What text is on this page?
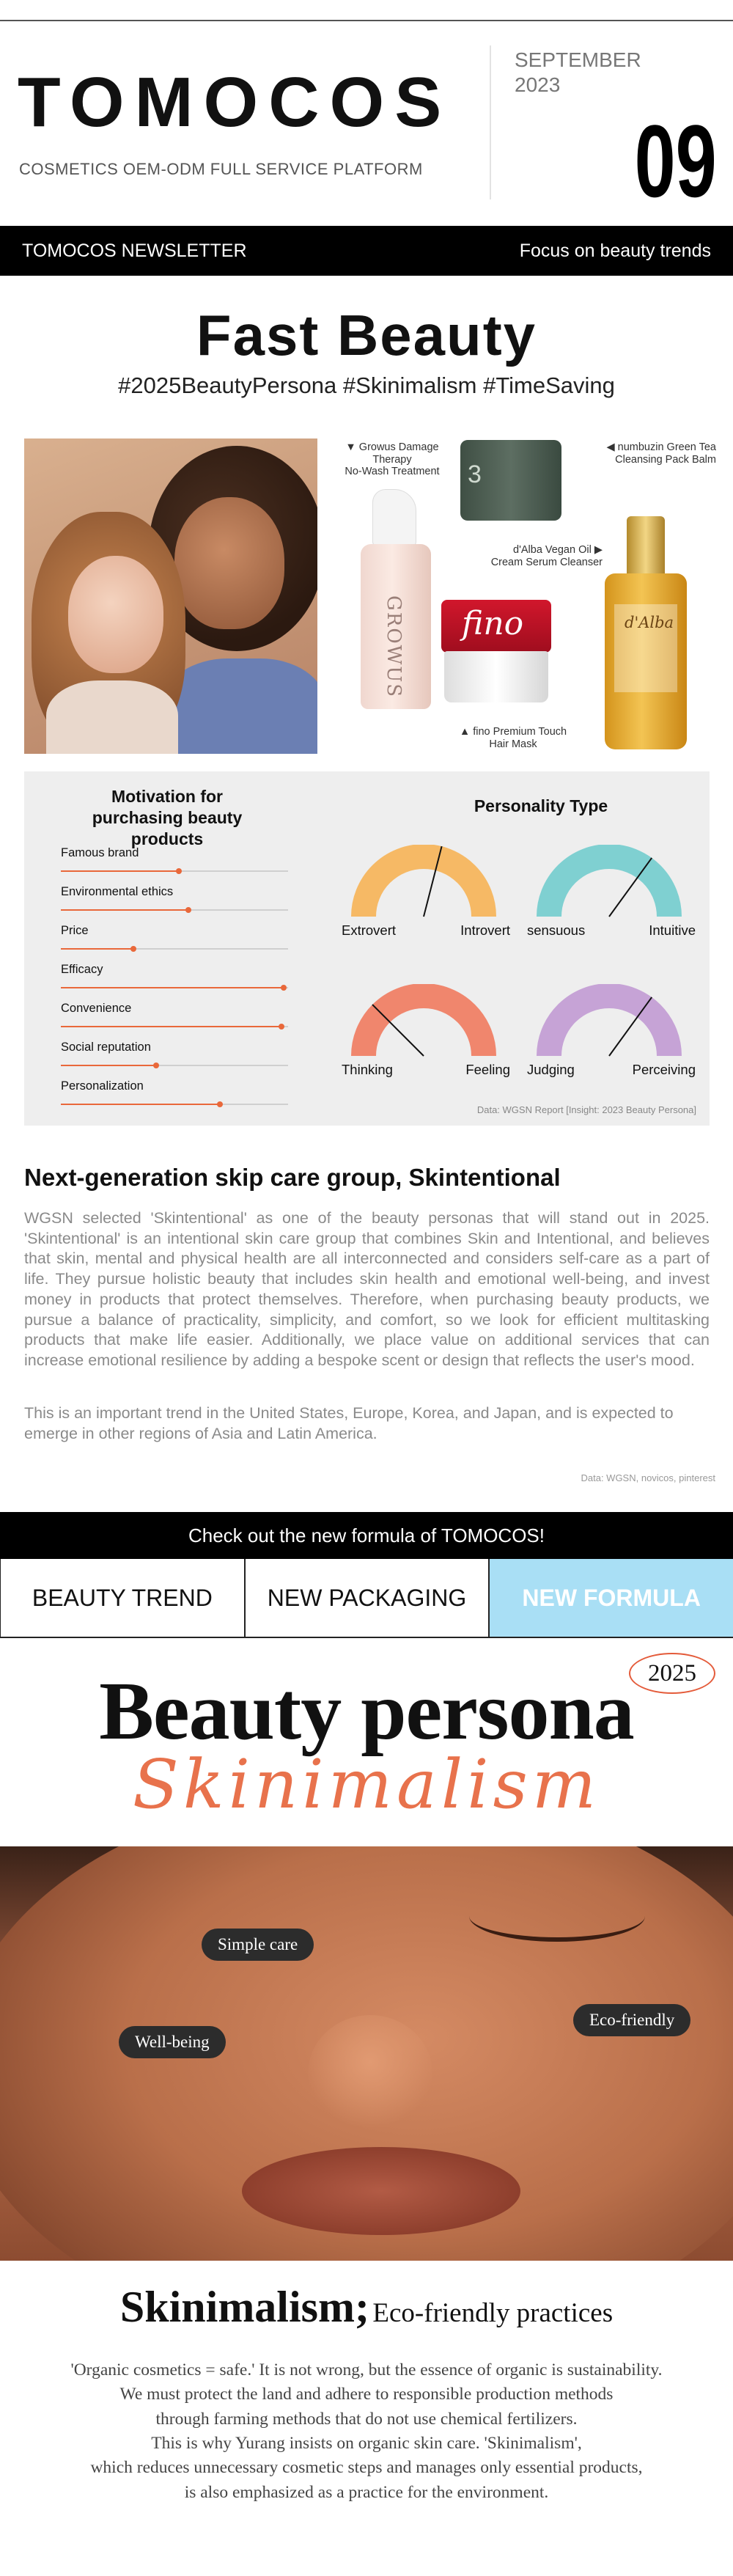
TOMOCOS
COSMETICS OEM-ODM FULL SERVICE PLATFORM
SEPTEMBER
2023
09
TOMOCOS NEWSLETTER	Focus on beauty trends
Fast Beauty
#2025BeautyPersona #Skinimalism #TimeSaving
▼ Growus Damage Therapy
No-Wash Treatment
GROWUS
3
◀ numbuzin Green Tea
Cleansing Pack Balm
d'Alba Vegan Oil ▶
Cream Serum Cleanser
fino
▲ fino Premium Touch
Hair Mask
d'Alba
Motivation for
purchasing beauty products
Famous brand
Environmental ethics
Price
Efficacy
Convenience
Social reputation
Personalization
Personality Type
Extrovert	Introvert sensuous	Intuitive
Thinking	Feeling Judging	Perceiving
Data: WGSN Report [Insight: 2023 Beauty Persona]
Next-generation skip care group, Skintentional
WGSN selected 'Skintentional' as one of the beauty personas that will stand out in 2025. 'Skintentional' is an intentional skin care group that combines Skin and Intentional, and believes that skin, mental and physical health are all interconnected and considers self-care as a part of life. They pursue holistic beauty that includes skin health and emotional well-being, and invest money in products that protect themselves. Therefore, when purchasing beauty products, we pursue a balance of practicality, simplicity, and comfort, so we look for efficient multitasking products that make life easier. Additionally, we place value on additional services that can increase emotional resilience by adding a bespoke scent or design that reflects the user's mood.
This is an important trend in the United States, Europe, Korea, and Japan, and is expected to emerge in other regions of Asia and Latin America.
Data: WGSN, novicos, pinterest
Check out the new formula of TOMOCOS!
BEAUTY TREND	NEW PACKAGING	NEW FORMULA
Beauty persona 2025
Skinimalism
Simple care
Well-being
Eco-friendly
Skinimalism; Eco-friendly practices
'Organic cosmetics = safe.' It is not wrong, but the essence of organic is sustainability.
We must protect the land and adhere to responsible production methods
through farming methods that do not use chemical fertilizers.
This is why Yurang insists on organic skin care. 'Skinimalism',
which reduces unnecessary cosmetic steps and manages only essential products,
is also emphasized as a practice for the environment.
